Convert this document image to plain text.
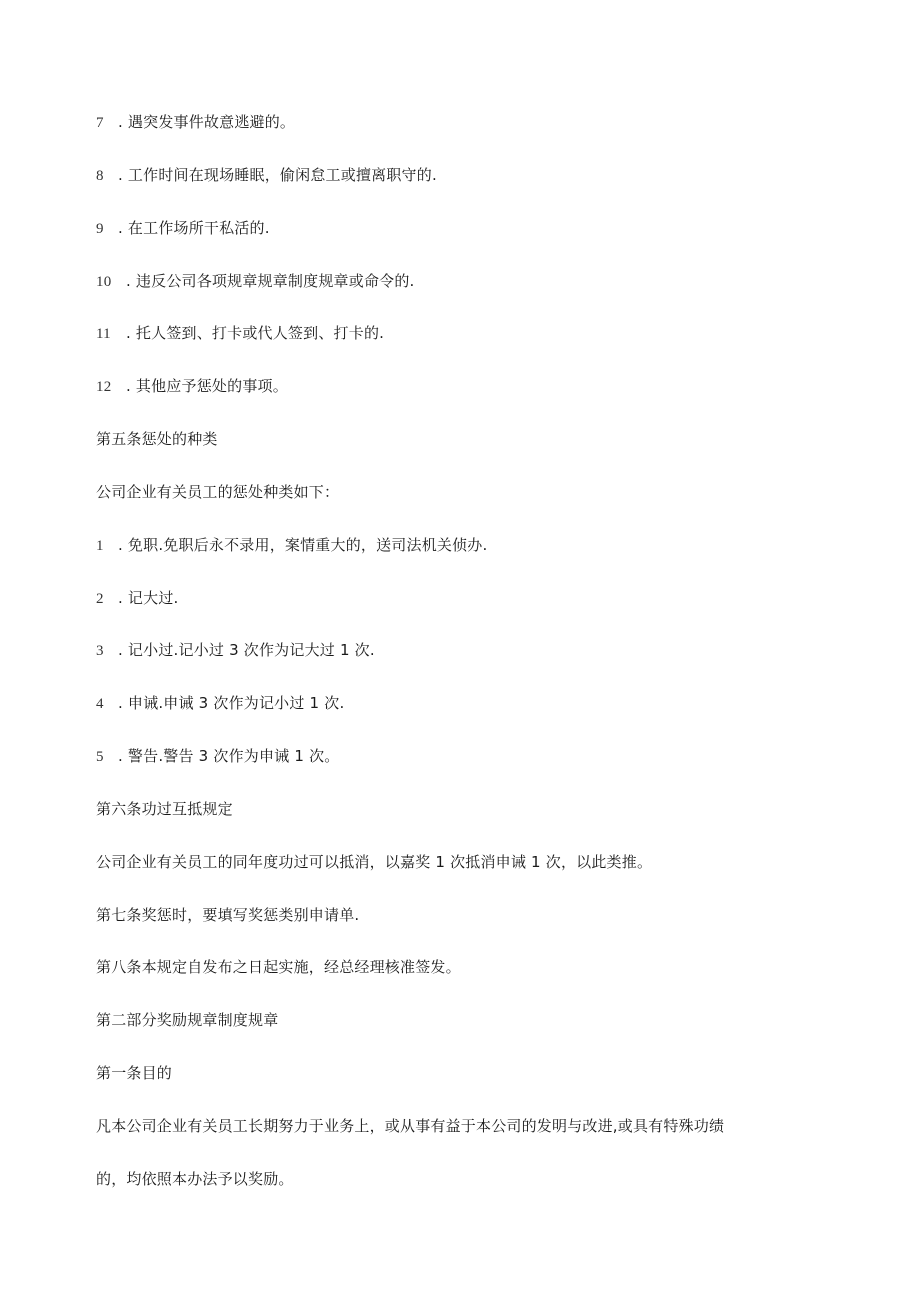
7 . 遇突发事件故意逃避的。
8 . 工作时间在现场睡眠，偷闲怠工或擅离职守的.
9 . 在工作场所干私活的.
10 . 违反公司各项规章规章制度规章或命令的.
11 . 托人签到、打卡或代人签到、打卡的.
12 . 其他应予惩处的事项。
第五条惩处的种类
公司企业有关员工的惩处种类如下：
1 . 免职.免职后永不录用，案情重大的，送司法机关侦办.
2 . 记大过.
3 . 记小过.记小过 3 次作为记大过 1 次.
4 . 申诫.申诫 3 次作为记小过 1 次.
5 . 警告.警告 3 次作为申诫 1 次。
第六条功过互抵规定
公司企业有关员工的同年度功过可以抵消，以嘉奖 1 次抵消申诫 1 次，以此类推。
第七条奖惩时，要填写奖惩类别申请单.
第八条本规定自发布之日起实施，经总经理核准签发。
第二部分奖励规章制度规章
第一条目的
凡本公司企业有关员工长期努力于业务上，或从事有益于本公司的发明与改进,或具有特殊功绩
的，均依照本办法予以奖励。
